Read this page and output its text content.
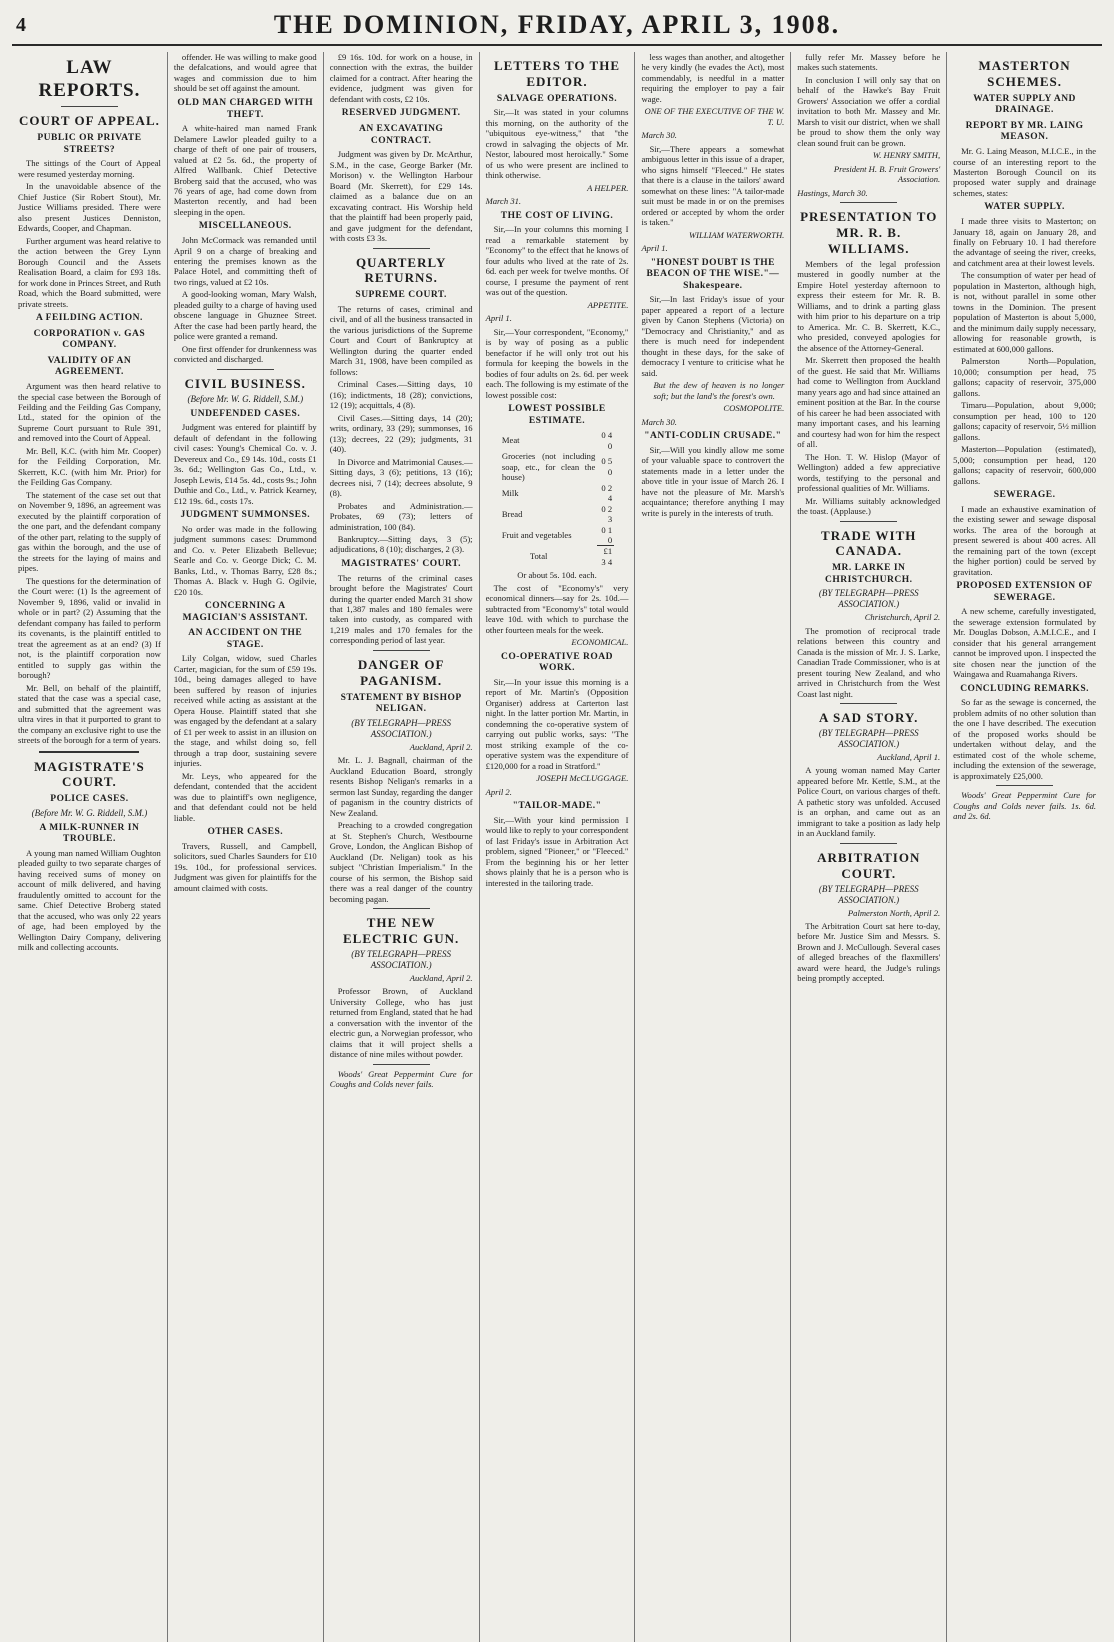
4	THE DOMINION, FRIDAY, APRIL 3, 1908.
LAW REPORTS.
COURT OF APPEAL.
PUBLIC OR PRIVATE STREETS?

The sittings of the Court of Appeal were resumed yesterday morning.

In the unavoidable absence of the Chief Justice (Sir Robert Stout), Mr. Justice Williams presided. There were also present Justices Denniston, Edwards, Cooper, and Chapman.

Further argument was heard relative to the action between the Grey Lynn Borough Council and the Assets Realisation Board, a claim for £93 18s. for work done in Princes Street, and Ruth Road, which the Board submitted, were private streets.

A FEILDING ACTION.
CORPORATION v. GAS COMPANY.
VALIDITY OF AN AGREEMENT.

Argument was then heard relative to the special case between the Borough of Feilding and the Feilding Gas Company, Ltd., stated for the opinion of the Supreme Court pursuant to Rule 391, and removed into the Court of Appeal.

Mr. Bell, K.C. (with him Mr. Cooper) for the Feilding Corporation, Mr. Skerrett, K.C. (with him Mr. Prior) for the Feilding Gas Company.

The statement of the case set out that on November 9, 1896, an agreement was executed by the plaintiff corporation of the one part, and the defendant company of the other part, relating to the supply of gas within the borough, and the use of the streets for the laying of mains and pipes.

The questions for the determination of the Court were: (1) Is the agreement of November 9, 1896, valid or invalid in whole or in part? (2) Assuming that the defendant company has failed to perform its covenants, is the plaintiff entitled to treat the agreement as at an end? (3) If not, is the plaintiff corporation now entitled to supply gas within the borough?

Mr. Bell, on behalf of the plaintiff, stated that the case was a special case, and submitted that the agreement was ultra vires in that it purported to grant to the company an exclusive right to use the streets of the borough for a term of years.

MAGISTRATE'S COURT.
POLICE CASES.
(Before Mr. W. G. Riddell, S.M.)
A MILK-RUNNER IN TROUBLE.

A young man named William Oughton pleaded guilty to two separate charges of having received sums of money on account of milk delivered, and having fraudulently omitted to account for the same. Chief Detective Broberg stated that the accused, who was only 22 years of age, had been employed by the Wellington Dairy Company, delivering milk and collecting accounts.

offender. He was willing to make good the defalcations, and would agree that wages and commission due to him should be set off against the amount.

OLD MAN CHARGED WITH THEFT.

A white-haired man named Frank Delamere Lawlor pleaded guilty to a charge of theft of one pair of trousers, valued at £2 5s. 6d., the property of Alfred Wallbank. Chief Detective Broberg said that the accused, who was 76 years of age, had come down from Masterton recently, and had been sleeping in the open.

MISCELLANEOUS.

John McCormack was remanded until April 9 on a charge of breaking and entering the premises known as the Palace Hotel, and committing theft of two rings, valued at £2 10s.

A good-looking woman, Mary Walsh, pleaded guilty to a charge of having used obscene language in Ghuznee Street. After the case had been partly heard, the police were granted a remand.

One first offender for drunkenness was convicted and discharged.

CIVIL BUSINESS.
(Before Mr. W. G. Riddell, S.M.)
UNDEFENDED CASES.

Judgment was entered for plaintiff by default of defendant in the following civil cases: Young's Chemical Co. v. J. Devereux and Co., £9 14s. 10d., costs £1 3s. 6d.; Wellington Gas Co., Ltd., v. Joseph Lewis, £14 5s. 4d., costs 9s.; John Duthie and Co., Ltd., v. Patrick Kearney, £12 19s. 6d., costs 17s.

JUDGMENT SUMMONSES.

No order was made in the following judgment summons cases: Drummond and Co. v. Peter Elizabeth Bellevue; Searle and Co. v. George Dick; C. M. Banks, Ltd., v. Thomas Barry, £28 8s.; Thomas A. Black v. Hugh G. Ogilvie, £20 10s.

CONCERNING A MAGICIAN'S ASSISTANT.
AN ACCIDENT ON THE STAGE.

Lily Colgan, widow, sued Charles Carter, magician, for the sum of £59 19s. 10d., being damages alleged to have been suffered by reason of injuries received while acting as assistant at the Opera House. Plaintiff stated that she was engaged by the defendant at a salary of £1 per week to assist in an illusion on the stage, and whilst doing so, fell through a trap door, sustaining severe injuries.

Mr. Leys, who appeared for the defendant, contended that the accident was due to plaintiff's own negligence, and that defendant could not be held liable.

OTHER CASES.

Travers, Russell, and Campbell, solicitors, sued Charles Saunders for £10 19s. 10d., for professional services. Judgment was given for plaintiffs for the amount claimed with costs.

£9 16s. 10d. for work on a house, in connection with the extras, the builder claimed for a contract. After hearing the evidence, judgment was given for defendant with costs, £2 10s.

RESERVED JUDGMENT.
AN EXCAVATING CONTRACT.

Judgment was given by Dr. McArthur, S.M., in the case, George Barker (Mr. Morison) v. the Wellington Harbour Board (Mr. Skerrett), for £29 14s. claimed as a balance due on an excavating contract. His Worship held that the plaintiff had been properly paid, and gave judgment for the defendant, with costs £3 3s.

QUARTERLY RETURNS.
SUPREME COURT.

The returns of cases, criminal and civil, and of all the business transacted in the various jurisdictions of the Supreme Court and Court of Bankruptcy at Wellington during the quarter ended March 31, 1908, have been compiled as follows:

Criminal Cases.—Sitting days, 10 (16); indictments, 18 (28); convictions, 12 (19); acquittals, 4 (8).

Civil Cases.—Sitting days, 14 (20); writs, ordinary, 33 (29); summonses, 16 (13); decrees, 22 (29); judgments, 31 (40).

In Divorce and Matrimonial Causes.—Sitting days, 3 (6); petitions, 13 (16); decrees nisi, 7 (14); decrees absolute, 9 (8).

Probates and Administration.—Probates, 69 (73); letters of administration, 100 (84).

Bankruptcy.—Sitting days, 3 (5); adjudications, 8 (10); discharges, 2 (3).

MAGISTRATES' COURT.

The returns of the criminal cases brought before the Magistrates' Court during the quarter ended March 31 show that 1,387 males and 180 females were taken into custody, as compared with 1,219 males and 170 females for the corresponding period of last year.

DANGER OF PAGANISM.
STATEMENT BY BISHOP NELIGAN.
(BY TELEGRAPH—PRESS ASSOCIATION.)
Auckland, April 2.

Mr. L. J. Bagnall, chairman of the Auckland Education Board, strongly resents Bishop Neligan's remarks in a sermon last Sunday, regarding the danger of paganism in the country districts of New Zealand.

Preaching to a crowded congregation at St. Stephen's Church, Westbourne Grove, London, the Anglican Bishop of Auckland (Dr. Neligan) took as his subject "Christian Imperialism." In the course of his sermon, the Bishop said there was a real danger of the country becoming pagan.

THE NEW ELECTRIC GUN.
(BY TELEGRAPH—PRESS ASSOCIATION.)
Auckland, April 2.

Professor Brown, of Auckland University College, who has just returned from England, stated that he had a conversation with the inventor of the electric gun, a Norwegian professor, who claims that it will project shells a distance of nine miles without powder.

Woods' Great Peppermint Cure for Coughs and Colds never fails.

LETTERS TO THE EDITOR.
SALVAGE OPERATIONS.

Sir,—It was stated in your columns this morning, on the authority of the "ubiquitous eye-witness," that "the crowd in salvaging the objects of Mr. Nestor, laboured most heroically." Some of us who were present are inclined to think otherwise.

A HELPER.
March 31.
THE COST OF LIVING.

Sir,—In your columns this morning I read a remarkable statement by "Economy" to the effect that he knows of four adults who lived at the rate of 2s. 6d. each per week for twelve months. Of course, I presume the payment of rent was out of the question.

APPETITE.
April 1.

Sir,—Your correspondent, "Economy," is by way of posing as a public benefactor if he will only trot out his formula for keeping the bowels in the bodies of four adults on 2s. 6d. per week each. The following is my estimate of the lowest possible cost:

LOWEST POSSIBLE ESTIMATE.
Meat	0 4 0
Groceries (not including soap, etc., for clean the house)	0 5 0
Milk	0 2 4
Bread	0 2 3
Fruit and vegetables	0 1 0
Total	£1 3 4

Or about 5s. 10d. each.

The cost of "Economy's" very economical dinners—say for 2s. 10d.—subtracted from "Economy's" total would leave 10d. with which to purchase the other fourteen meals for the week.

ECONOMICAL.
CO-OPERATIVE ROAD WORK.

Sir,—In your issue this morning is a report of Mr. Martin's (Opposition Organiser) address at Carterton last night. In the latter portion Mr. Martin, in condemning the co-operative system of carrying out public works, says: "The most striking example of the co-operative system was the expenditure of £120,000 for a road in Stratford."

JOSEPH McCLUGGAGE.
April 2.
"TAILOR-MADE."

Sir,—With your kind permission I would like to reply to your correspondent of last Friday's issue in Arbitration Act problem, signed "Pioneer," or "Fleeced." From the beginning his or her letter shows plainly that he is a person who is interested in the tailoring trade.

less wages than another, and altogether he very kindly (he evades the Act), most commendably, is needful in a matter requiring the employer to pay a fair wage.

ONE OF THE EXECUTIVE OF THE W. T. U.
March 30.

Sir,—There appears a somewhat ambiguous letter in this issue of a draper, who signs himself "Fleeced." He states that there is a clause in the tailors' award somewhat on these lines: "A tailor-made suit must be made in or on the premises ordered or accepted by whom the order is taken."

WILLIAM WATERWORTH.
April 1.
"HONEST DOUBT IS THE BEACON OF THE WISE."—Shakespeare.

Sir,—In last Friday's issue of your paper appeared a report of a lecture given by Canon Stephens (Victoria) on "Democracy and Christianity," and as there is much need for independent thought in these days, for the sake of democracy I venture to criticise what he said.

But the dew of heaven is no longer soft; but the land's the forest's own.
COSMOPOLITE.
March 30.
"ANTI-CODLIN CRUSADE."

Sir,—Will you kindly allow me some of your valuable space to controvert the statements made in a letter under the above title in your issue of March 26. I have not the pleasure of Mr. Marsh's acquaintance; therefore anything I may write is purely in the interests of truth.

fully refer Mr. Massey before he makes such statements.

In conclusion I will only say that on behalf of the Hawke's Bay Fruit Growers' Association we offer a cordial invitation to both Mr. Massey and Mr. Marsh to visit our district, when we shall be proud to show them the only way clean sound fruit can be grown.

W. HENRY SMITH,
President H. B. Fruit Growers' Association.
Hastings, March 30.
PRESENTATION TO MR. R. B. WILLIAMS.

Members of the legal profession mustered in goodly number at the Empire Hotel yesterday afternoon to express their esteem for Mr. R. B. Williams, and to drink a parting glass with him prior to his departure on a trip to America. Mr. C. B. Skerrett, K.C., who presided, conveyed apologies for the absence of the Attorney-General.

Mr. Skerrett then proposed the health of the guest. He said that Mr. Williams had come to Wellington from Auckland many years ago and had since attained an eminent position at the Bar. In the course of his career he had been associated with many important cases, and his learning and courtesy had won for him the respect of all.

The Hon. T. W. Hislop (Mayor of Wellington) added a few appreciative words, testifying to the personal and professional qualities of Mr. Williams.

Mr. Williams suitably acknowledged the toast. (Applause.)

TRADE WITH CANADA.
MR. LARKE IN CHRISTCHURCH.
(BY TELEGRAPH—PRESS ASSOCIATION.)
Christchurch, April 2.

The promotion of reciprocal trade relations between this country and Canada is the mission of Mr. J. S. Larke, Canadian Trade Commissioner, who is at present touring New Zealand, and who arrived in Christchurch from the West Coast last night.

A SAD STORY.
(BY TELEGRAPH—PRESS ASSOCIATION.)
Auckland, April 1.

A young woman named May Carter appeared before Mr. Kettle, S.M., at the Police Court, on various charges of theft. A pathetic story was unfolded. Accused is an orphan, and came out as an immigrant to take a position as lady help in an Auckland family.

ARBITRATION COURT.
(BY TELEGRAPH—PRESS ASSOCIATION.)
Palmerston North, April 2.

The Arbitration Court sat here to-day, before Mr. Justice Sim and Messrs. S. Brown and J. McCullough. Several cases of alleged breaches of the flaxmillers' award were heard, the Judge's rulings being promptly accepted.

MASTERTON SCHEMES.
WATER SUPPLY AND DRAINAGE.
REPORT BY MR. LAING MEASON.

Mr. G. Laing Meason, M.I.C.E., in the course of an interesting report to the Masterton Borough Council on its proposed water supply and drainage schemes, states:

WATER SUPPLY.

I made three visits to Masterton; on January 18, again on January 28, and finally on February 10. I had therefore the advantage of seeing the river, creeks, and catchment area at their lowest levels.

The consumption of water per head of population in Masterton, although high, is not, without parallel in some other towns in the Dominion. The present population of Masterton is about 5,000, and the minimum daily supply necessary, allowing for reasonable growth, is estimated at 600,000 gallons.

Palmerston North—Population, 10,000; consumption per head, 75 gallons; capacity of reservoir, 375,000 gallons.

Timaru—Population, about 9,000; consumption per head, 100 to 120 gallons; capacity of reservoir, 5½ million gallons.

Masterton—Population (estimated), 5,000; consumption per head, 120 gallons; capacity of reservoir, 600,000 gallons.

SEWERAGE.

I made an exhaustive examination of the existing sewer and sewage disposal works. The area of the borough at present sewered is about 400 acres. All the remaining part of the town (except the higher portion) could be served by gravitation.

PROPOSED EXTENSION OF SEWERAGE.

A new scheme, carefully investigated, the sewerage extension formulated by Mr. Douglas Dobson, A.M.I.C.E., and I consider that his general arrangement cannot be improved upon. I inspected the site chosen near the junction of the Waingawa and Ruamahanga Rivers.

CONCLUDING REMARKS.

So far as the sewage is concerned, the problem admits of no other solution than the one I have described. The execution of the proposed works should be undertaken without delay, and the estimated cost of the whole scheme, including the extension of the sewerage, is approximately £25,000.

Woods' Great Peppermint Cure for Coughs and Colds never fails. 1s. 6d. and 2s. 6d.
